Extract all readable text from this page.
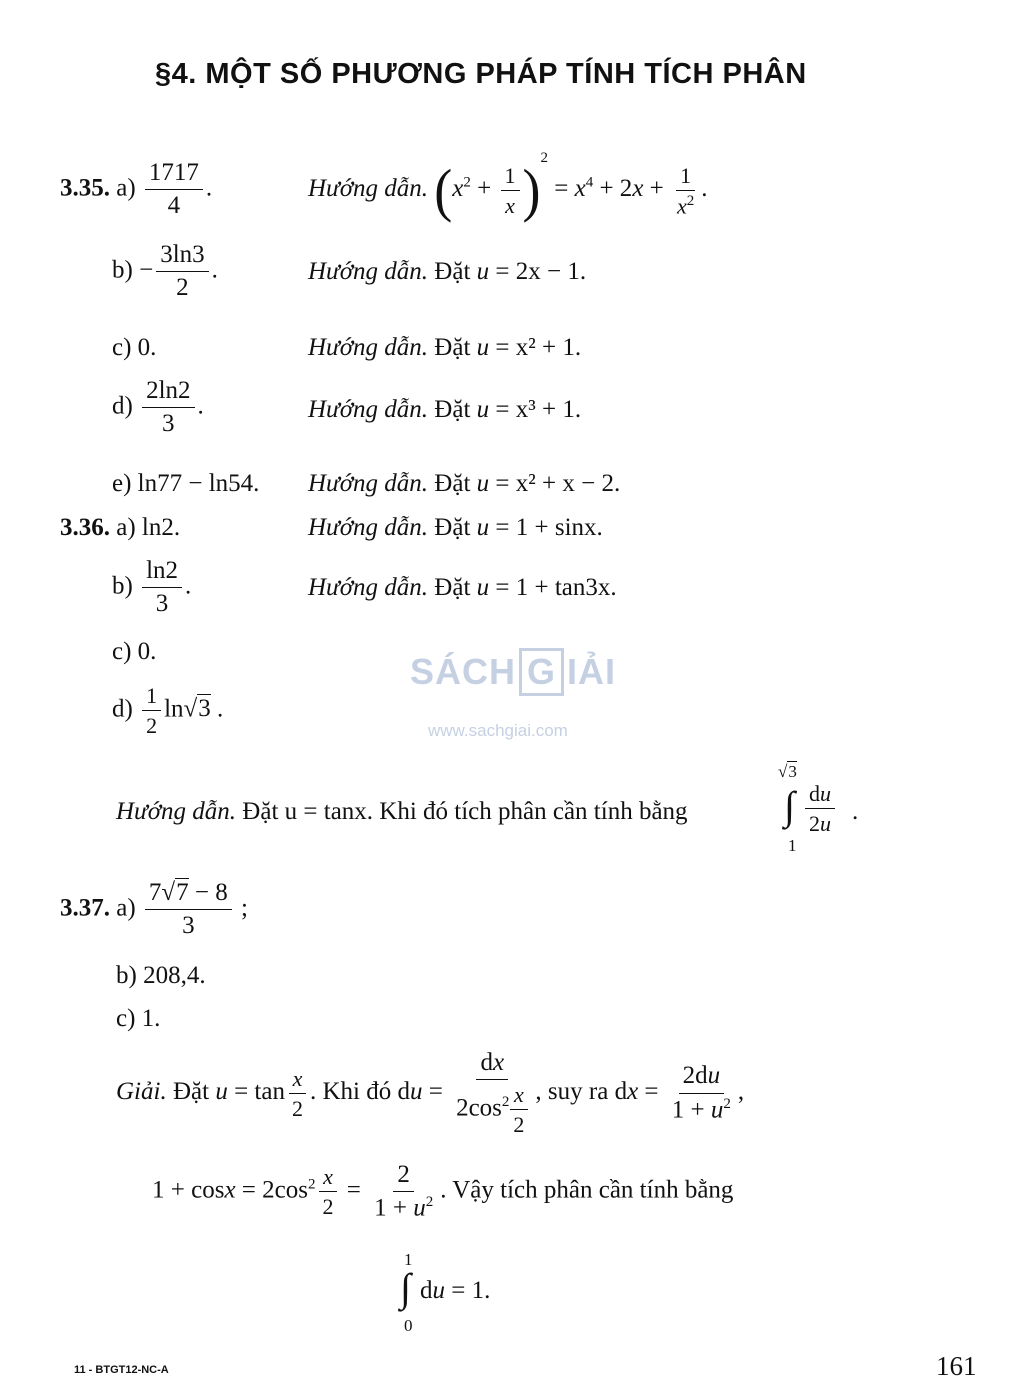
§4. MỘT SỐ PHƯƠNG PHÁP TÍNH TÍCH PHÂN
3.35. $a) \frac{1717}{4}$ .	Hướng dẫn. $(x^2 + \frac{1}{x} )^2 = x^4 + 2x + \frac{1}{x^2}$ .
$b) - \frac{3\ln 3}{2}$ .	Hướng dẫn. Đặt u = 2x − 1.
c) 0.	Hướng dẫn. Đặt u = x² + 1.
$d) \frac{2\ln 2}{3}$ .	Hướng dẫn. Đặt u = x³ + 1.
e) ln77 − ln54. Hướng dẫn. Đặt u = x² + x − 2.
3.36. a) ln2.	Hướng dẫn. Đặt u = 1 + sinx.
$b) \frac{\ln 2}{3}$ .	Hướng dẫn. Đặt u = 1 + tan3x.
c) 0.
$d) \frac{1}{2} \ln√3$ .
SÁCH G IẢI
www.sachgiai.com
Hướng dẫn. Đặt u = tanx. Khi đó tích phân cần tính bằng
√3
∫
1
$\frac{du}{2u}$ .
3.37. $a) \frac{7√7 - 8}{3}$ ;
b) 208,4.
c) 1.
Giải. Đặt $u = \tan \frac{x}{2}$ . Khi đó du = $\frac{dx}{2\cos^2 \frac{x}{2}}$ , suy ra dx = $\frac{2du}{1 + u^2}$ ,
$1 + \cos x = 2\cos^2 \frac{x}{2} = \frac{2}{1 + u^2}$ . Vậy tích phân cần tính bằng
1
∫
0
du = 1.
11 - BTGT12-NC-A	161
